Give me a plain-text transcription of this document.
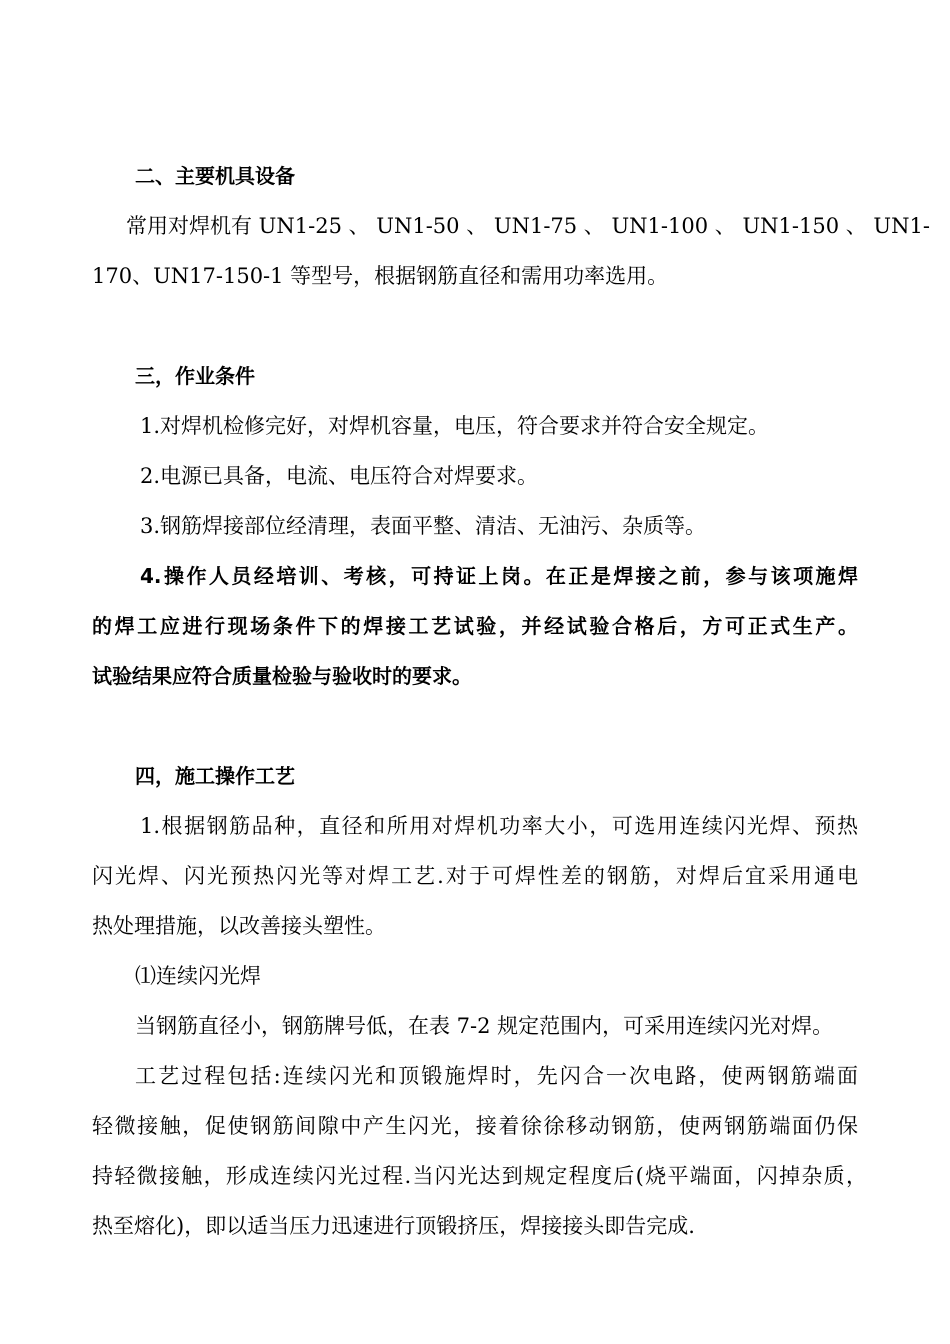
二、主要机具设备

常用对焊机有 UN1-25 、 UN1-50 、 UN1-75 、 UN1-100 、 UN1-150 、 UN1-

170、UN17-150-1 等型号，根据钢筋直径和需用功率选用。

三，作业条件

1.对焊机检修完好，对焊机容量，电压，符合要求并符合安全规定。

2.电源已具备，电流、电压符合对焊要求。

3.钢筋焊接部位经清理，表面平整、清洁、无油污、杂质等。

4.操作人员经培训、考核，可持证上岗。在正是焊接之前，参与该项施焊

的焊工应进行现场条件下的焊接工艺试验，并经试验合格后，方可正式生产。

试验结果应符合质量检验与验收时的要求。

四，施工操作工艺

1.根据钢筋品种，直径和所用对焊机功率大小，可选用连续闪光焊、预热

闪光焊、闪光预热闪光等对焊工艺.对于可焊性差的钢筋，对焊后宜采用通电

热处理措施，以改善接头塑性。

⑴连续闪光焊

当钢筋直径小，钢筋牌号低，在表 7-2 规定范围内，可采用连续闪光对焊。

工艺过程包括:连续闪光和顶锻施焊时，先闪合一次电路，使两钢筋端面

轻微接触，促使钢筋间隙中产生闪光，接着徐徐移动钢筋，使两钢筋端面仍保

持轻微接触，形成连续闪光过程.当闪光达到规定程度后(烧平端面，闪掉杂质，

热至熔化)，即以适当压力迅速进行顶锻挤压，焊接接头即告完成.
